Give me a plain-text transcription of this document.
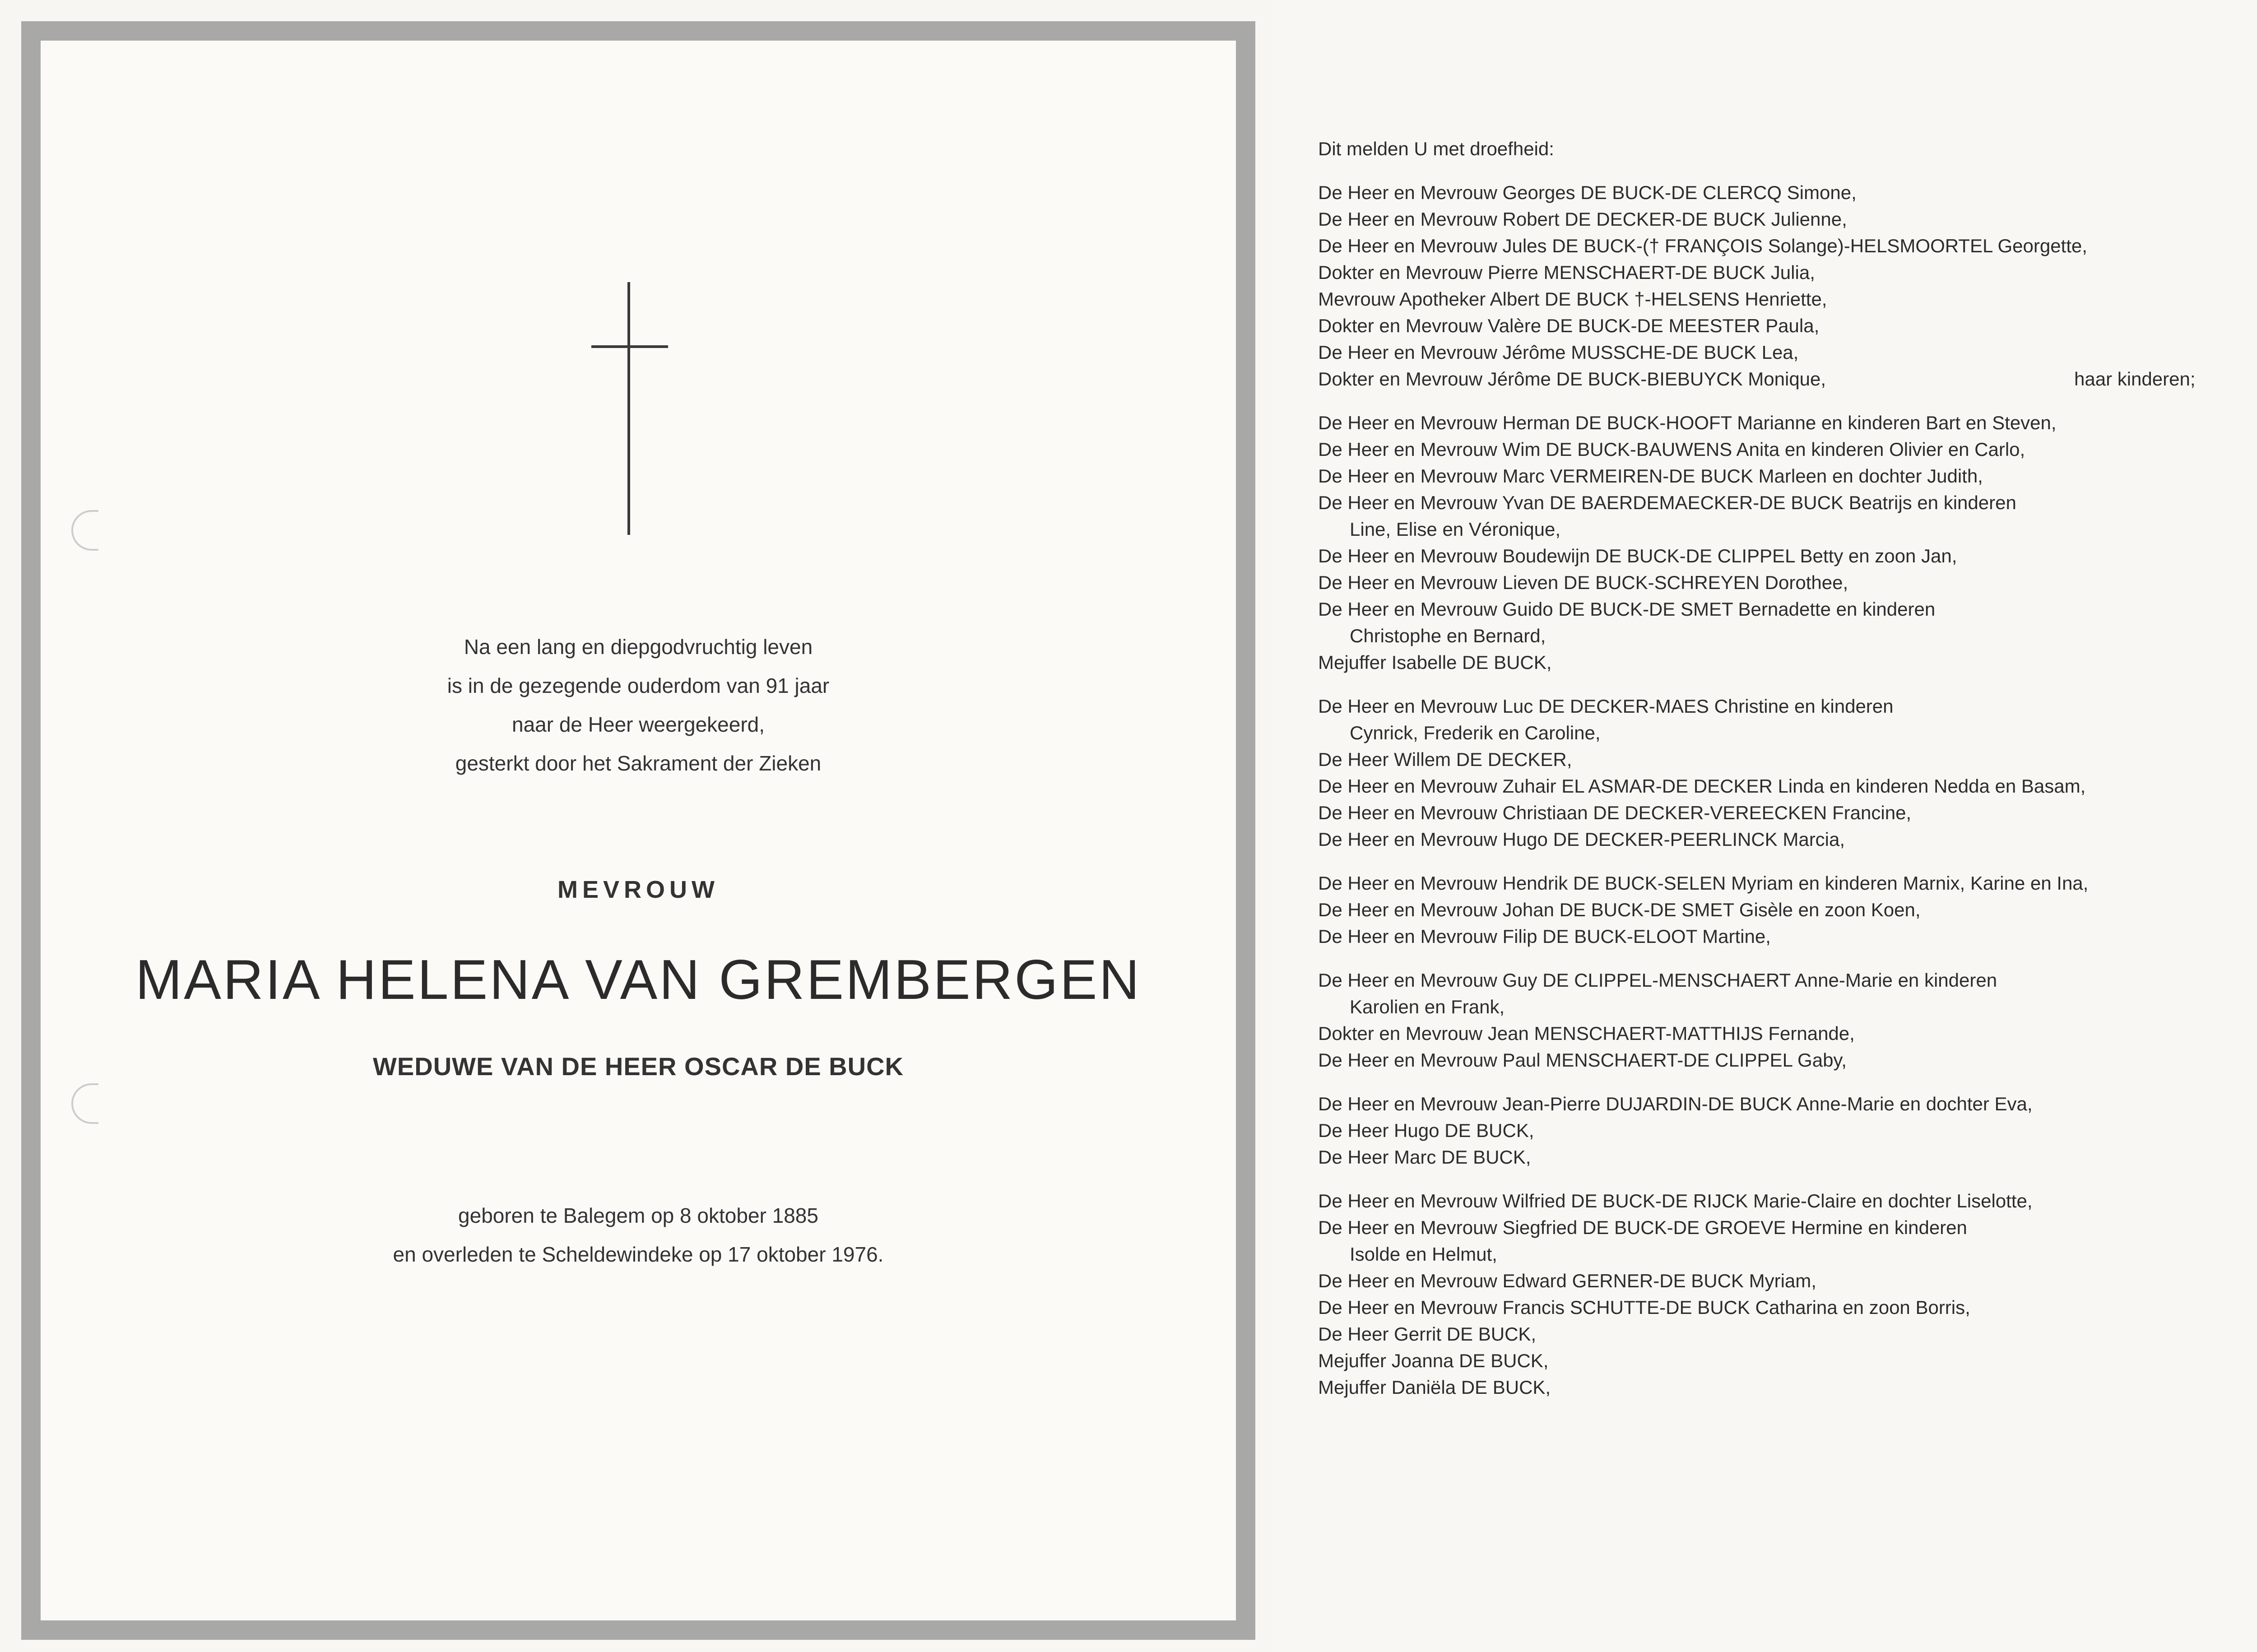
Na een lang en diepgodvruchtig leven
is in de gezegende ouderdom van 91 jaar
naar de Heer weergekeerd,
gesterkt door het Sakrament der Zieken
MEVROUW
MARIA HELENA VAN GREMBERGEN
WEDUWE VAN DE HEER OSCAR DE BUCK
geboren te Balegem op 8 oktober 1885
en overleden te Scheldewindeke op 17 oktober 1976.
Dit melden U met droefheid:
De Heer en Mevrouw Georges DE BUCK-DE CLERCQ Simone,
De Heer en Mevrouw Robert DE DECKER-DE BUCK Julienne,
De Heer en Mevrouw Jules DE BUCK-(† FRANÇOIS Solange)-HELSMOORTEL Georgette,
Dokter en Mevrouw Pierre MENSCHAERT-DE BUCK Julia,
Mevrouw Apotheker Albert DE BUCK †-HELSENS Henriette,
Dokter en Mevrouw Valère DE BUCK-DE MEESTER Paula,
De Heer en Mevrouw Jérôme MUSSCHE-DE BUCK Lea,
Dokter en Mevrouw Jérôme DE BUCK-BIEBUYCK Monique,	haar kinderen;
De Heer en Mevrouw Herman DE BUCK-HOOFT Marianne en kinderen Bart en Steven,
De Heer en Mevrouw Wim DE BUCK-BAUWENS Anita en kinderen Olivier en Carlo,
De Heer en Mevrouw Marc VERMEIREN-DE BUCK Marleen en dochter Judith,
De Heer en Mevrouw Yvan DE BAERDEMAECKER-DE BUCK Beatrijs en kinderen
Line, Elise en Véronique,
De Heer en Mevrouw Boudewijn DE BUCK-DE CLIPPEL Betty en zoon Jan,
De Heer en Mevrouw Lieven DE BUCK-SCHREYEN Dorothee,
De Heer en Mevrouw Guido DE BUCK-DE SMET Bernadette en kinderen
Christophe en Bernard,
Mejuffer Isabelle DE BUCK,
De Heer en Mevrouw Luc DE DECKER-MAES Christine en kinderen
Cynrick, Frederik en Caroline,
De Heer Willem DE DECKER,
De Heer en Mevrouw Zuhair EL ASMAR-DE DECKER Linda en kinderen Nedda en Basam,
De Heer en Mevrouw Christiaan DE DECKER-VEREECKEN Francine,
De Heer en Mevrouw Hugo DE DECKER-PEERLINCK Marcia,
De Heer en Mevrouw Hendrik DE BUCK-SELEN Myriam en kinderen Marnix, Karine en Ina,
De Heer en Mevrouw Johan DE BUCK-DE SMET Gisèle en zoon Koen,
De Heer en Mevrouw Filip DE BUCK-ELOOT Martine,
De Heer en Mevrouw Guy DE CLIPPEL-MENSCHAERT Anne-Marie en kinderen
Karolien en Frank,
Dokter en Mevrouw Jean MENSCHAERT-MATTHIJS Fernande,
De Heer en Mevrouw Paul MENSCHAERT-DE CLIPPEL Gaby,
De Heer en Mevrouw Jean-Pierre DUJARDIN-DE BUCK Anne-Marie en dochter Eva,
De Heer Hugo DE BUCK,
De Heer Marc DE BUCK,
De Heer en Mevrouw Wilfried DE BUCK-DE RIJCK Marie-Claire en dochter Liselotte,
De Heer en Mevrouw Siegfried DE BUCK-DE GROEVE Hermine en kinderen
Isolde en Helmut,
De Heer en Mevrouw Edward GERNER-DE BUCK Myriam,
De Heer en Mevrouw Francis SCHUTTE-DE BUCK Catharina en zoon Borris,
De Heer Gerrit DE BUCK,
Mejuffer Joanna DE BUCK,
Mejuffer Daniëla DE BUCK,
